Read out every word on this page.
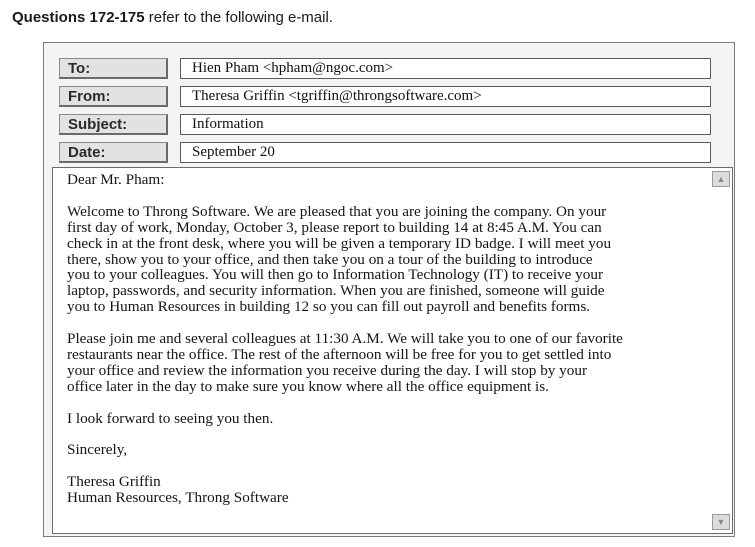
Questions 172-175 refer to the following e-mail.
To:	Hien Pham <hpham@ngoc.com>
From:	Theresa Griffin <tgriffin@throngsoftware.com>
Subject:	Information
Date:	September 20

Dear Mr. Pham:

Welcome to Throng Software. We are pleased that you are joining the company. On your

first day of work, Monday, October 3, please report to building 14 at 8:45 A.M. You can

check in at the front desk, where you will be given a temporary ID badge. I will meet you

there, show you to your office, and then take you on a tour of the building to introduce

you to your colleagues. You will then go to Information Technology (IT) to receive your

laptop, passwords, and security information. When you are finished, someone will guide

you to Human Resources in building 12 so you can fill out payroll and benefits forms.

Please join me and several colleagues at 11:30 A.M. We will take you to one of our favorite

restaurants near the office. The rest of the afternoon will be free for you to get settled into

your office and review the information you receive during the day. I will stop by your

office later in the day to make sure you know where all the office equipment is.

I look forward to seeing you then.

Sincerely,

Theresa Griffin

Human Resources, Throng Software

▲
▼
